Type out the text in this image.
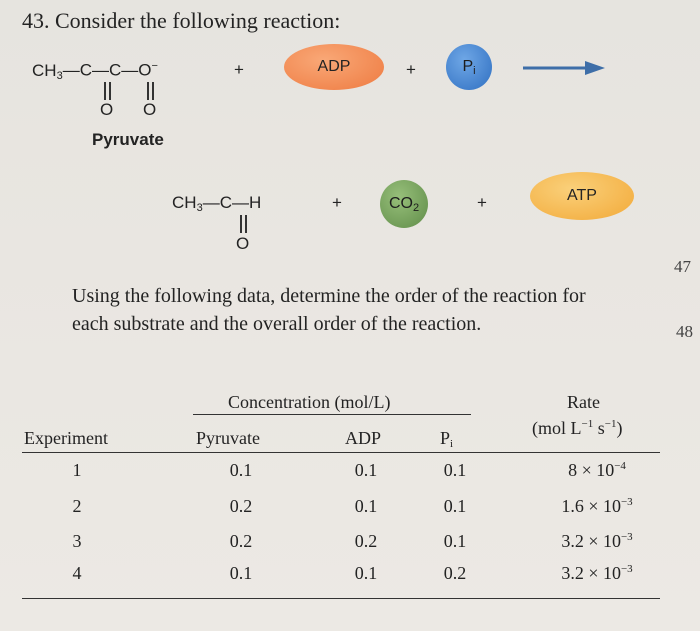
43. Consider the following reaction:
$CH_3—C—C—O^-$
O O
Pyruvate
+	ADP	+	$P_i$
$CH_3—C—H$
O
+	$CO_2$	+	ATP
47
48
Using the following data, determine the order of the reaction for each substrate and the overall order of the reaction.
Concentration (mol/L)	Rate
(mol $L^{-1}$ $s^{-1}$)
Experiment	Pyruvate	ADP	$P_i$
1	0.1	0.1	0.1	$8 \times 10^{-4}$
2	0.2	0.1	0.1	$1.6 \times 10^{-3}$
3	0.2	0.2	0.1	$3.2 \times 10^{-3}$
4	0.1	0.1	0.2	$3.2 \times 10^{-3}$
